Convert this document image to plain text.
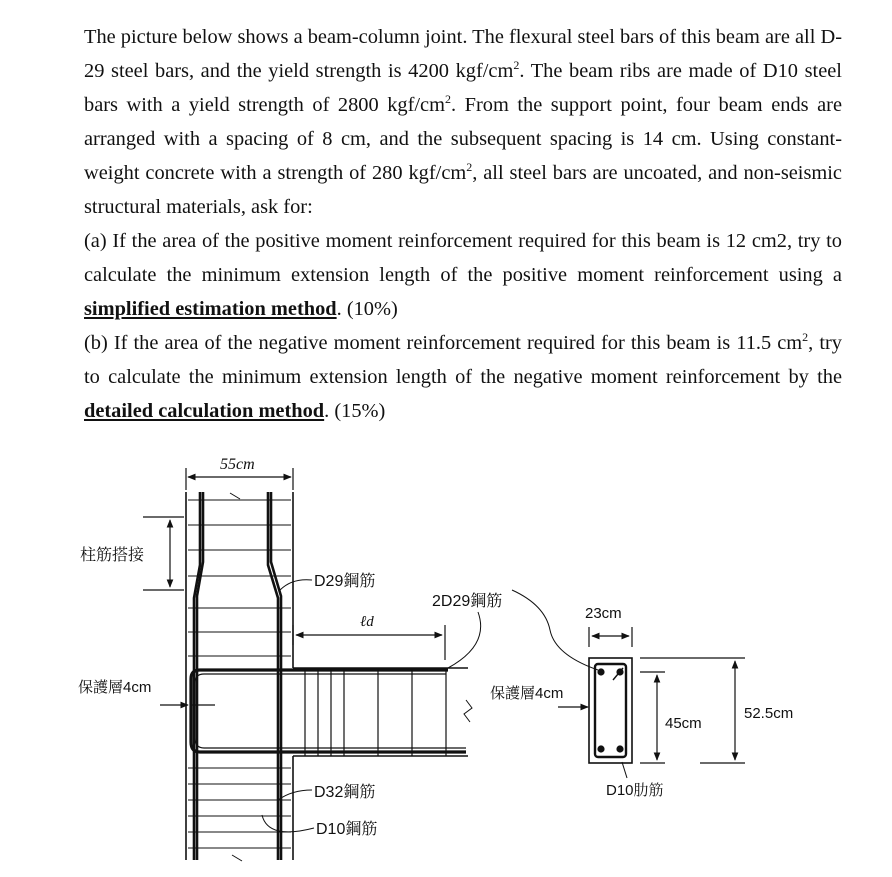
The picture below shows a beam-column joint. The flexural steel bars of this beam are all D-29 steel bars, and the yield strength is 4200 kgf/$cm^2$. The beam ribs are made of D10 steel bars with a yield strength of 2800 kgf/$cm^2$. From the support point, four beam ends are arranged with a spacing of 8 cm, and the subsequent spacing is 14 cm. Using constant-weight concrete with a strength of 280 kgf/$cm^2$, all steel bars are uncoated, and non-seismic structural materials, ask for:

(a) If the area of the positive moment reinforcement required for this beam is 12 cm2, try to calculate the minimum extension length of the positive moment reinforcement using a simplified estimation method. (10%)

(b) If the area of the negative moment reinforcement required for this beam is 11.5 $cm^2$, try to calculate the minimum extension length of the negative moment reinforcement by the detailed calculation method. (15%)

55cm
柱筋搭接
ℓd
保護層4cm
D29鋼筋
2D29鋼筋
D32鋼筋
D10鋼筋
23cm
保護層4cm
45cm
52.5cm
D10肋筋
